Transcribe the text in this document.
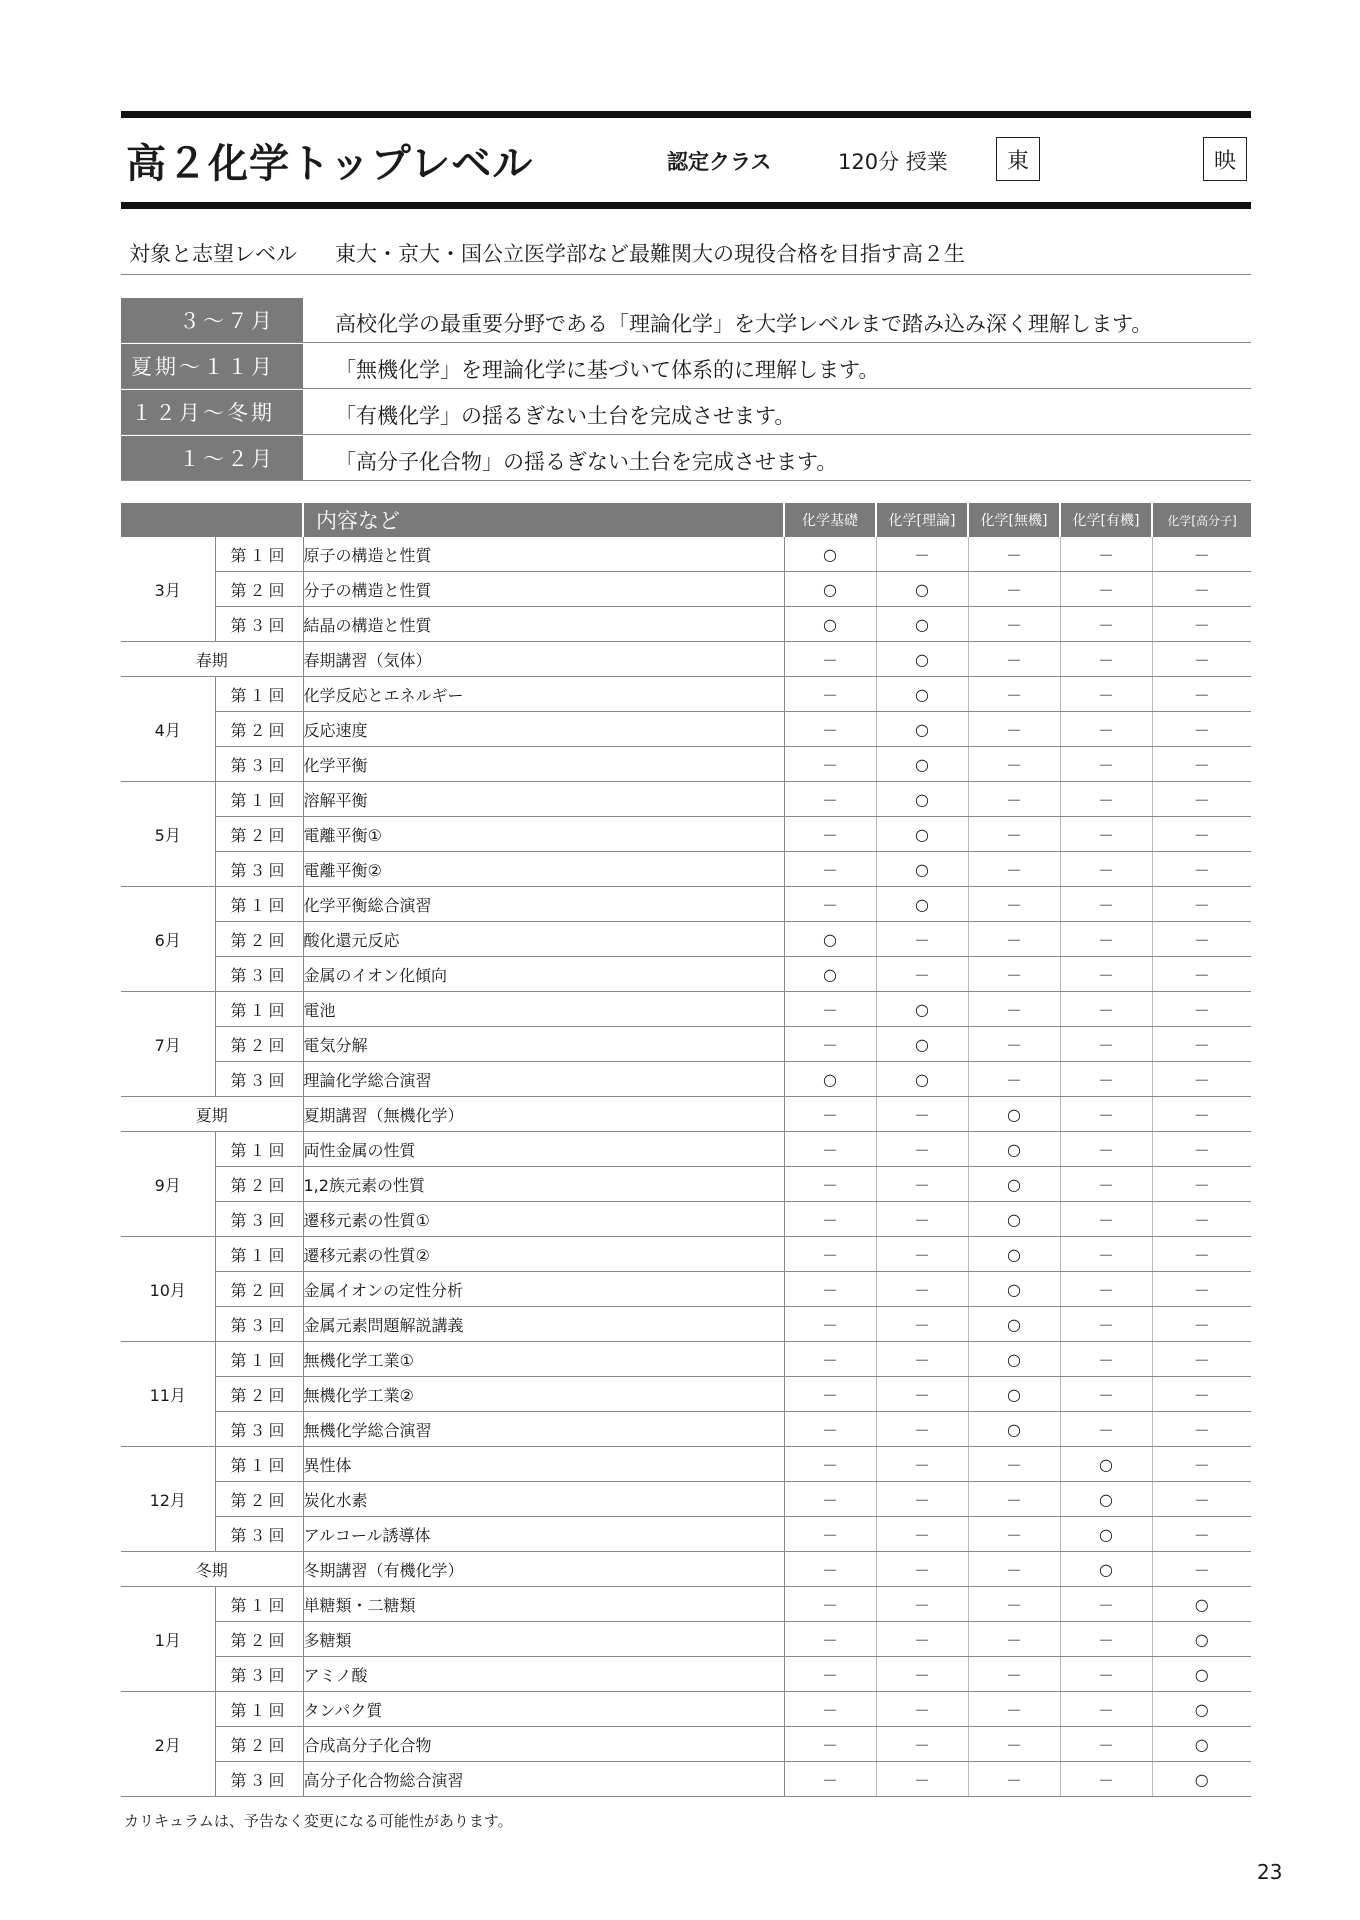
高２化学トップレベル	認定クラス	120分 授業	東	映
対象と志望レベル 東大・京大・国公立医学部など最難関大の現役合格を目指す高２生
３～７月	高校化学の最重要分野である「理論化学」を大学レベルまで踏み込み深く理解します。
夏期～１１月	「無機化学」を理論化学に基づいて体系的に理解します。
１２月～冬期	「有機化学」の揺るぎない土台を完成させます。
１～２月	「高分子化合物」の揺るぎない土台を完成させます。
		内容など	化学基礎	化学[理論]	化学[無機]	化学[有機]	化学[高分子]
3月	第１回	原子の構造と性質	○	－	－	－	－
	第２回	分子の構造と性質	○	○	－	－	－
	第３回	結晶の構造と性質	○	○	－	－	－
春期		春期講習（気体）	－	○	－	－	－
4月	第１回	化学反応とエネルギー	－	○	－	－	－
	第２回	反応速度	－	○	－	－	－
	第３回	化学平衡	－	○	－	－	－
5月	第１回	溶解平衡	－	○	－	－	－
	第２回	電離平衡①	－	○	－	－	－
	第３回	電離平衡②	－	○	－	－	－
6月	第１回	化学平衡総合演習	－	○	－	－	－
	第２回	酸化還元反応	○	－	－	－	－
	第３回	金属のイオン化傾向	○	－	－	－	－
7月	第１回	電池	－	○	－	－	－
	第２回	電気分解	－	○	－	－	－
	第３回	理論化学総合演習	○	○	－	－	－
夏期		夏期講習（無機化学）	－	－	○	－	－
9月	第１回	両性金属の性質	－	－	○	－	－
	第２回	1,2族元素の性質	－	－	○	－	－
	第３回	遷移元素の性質①	－	－	○	－	－
10月	第１回	遷移元素の性質②	－	－	○	－	－
	第２回	金属イオンの定性分析	－	－	○	－	－
	第３回	金属元素問題解説講義	－	－	○	－	－
11月	第１回	無機化学工業①	－	－	○	－	－
	第２回	無機化学工業②	－	－	○	－	－
	第３回	無機化学総合演習	－	－	○	－	－
12月	第１回	異性体	－	－	－	○	－
	第２回	炭化水素	－	－	－	○	－
	第３回	アルコール誘導体	－	－	－	○	－
冬期		冬期講習（有機化学）	－	－	－	○	－
1月	第１回	単糖類・二糖類	－	－	－	－	○
	第２回	多糖類	－	－	－	－	○
	第３回	アミノ酸	－	－	－	－	○
2月	第１回	タンパク質	－	－	－	－	○
	第２回	合成高分子化合物	－	－	－	－	○
	第３回	高分子化合物総合演習	－	－	－	－	○
カリキュラムは、予告なく変更になる可能性があります。
23
